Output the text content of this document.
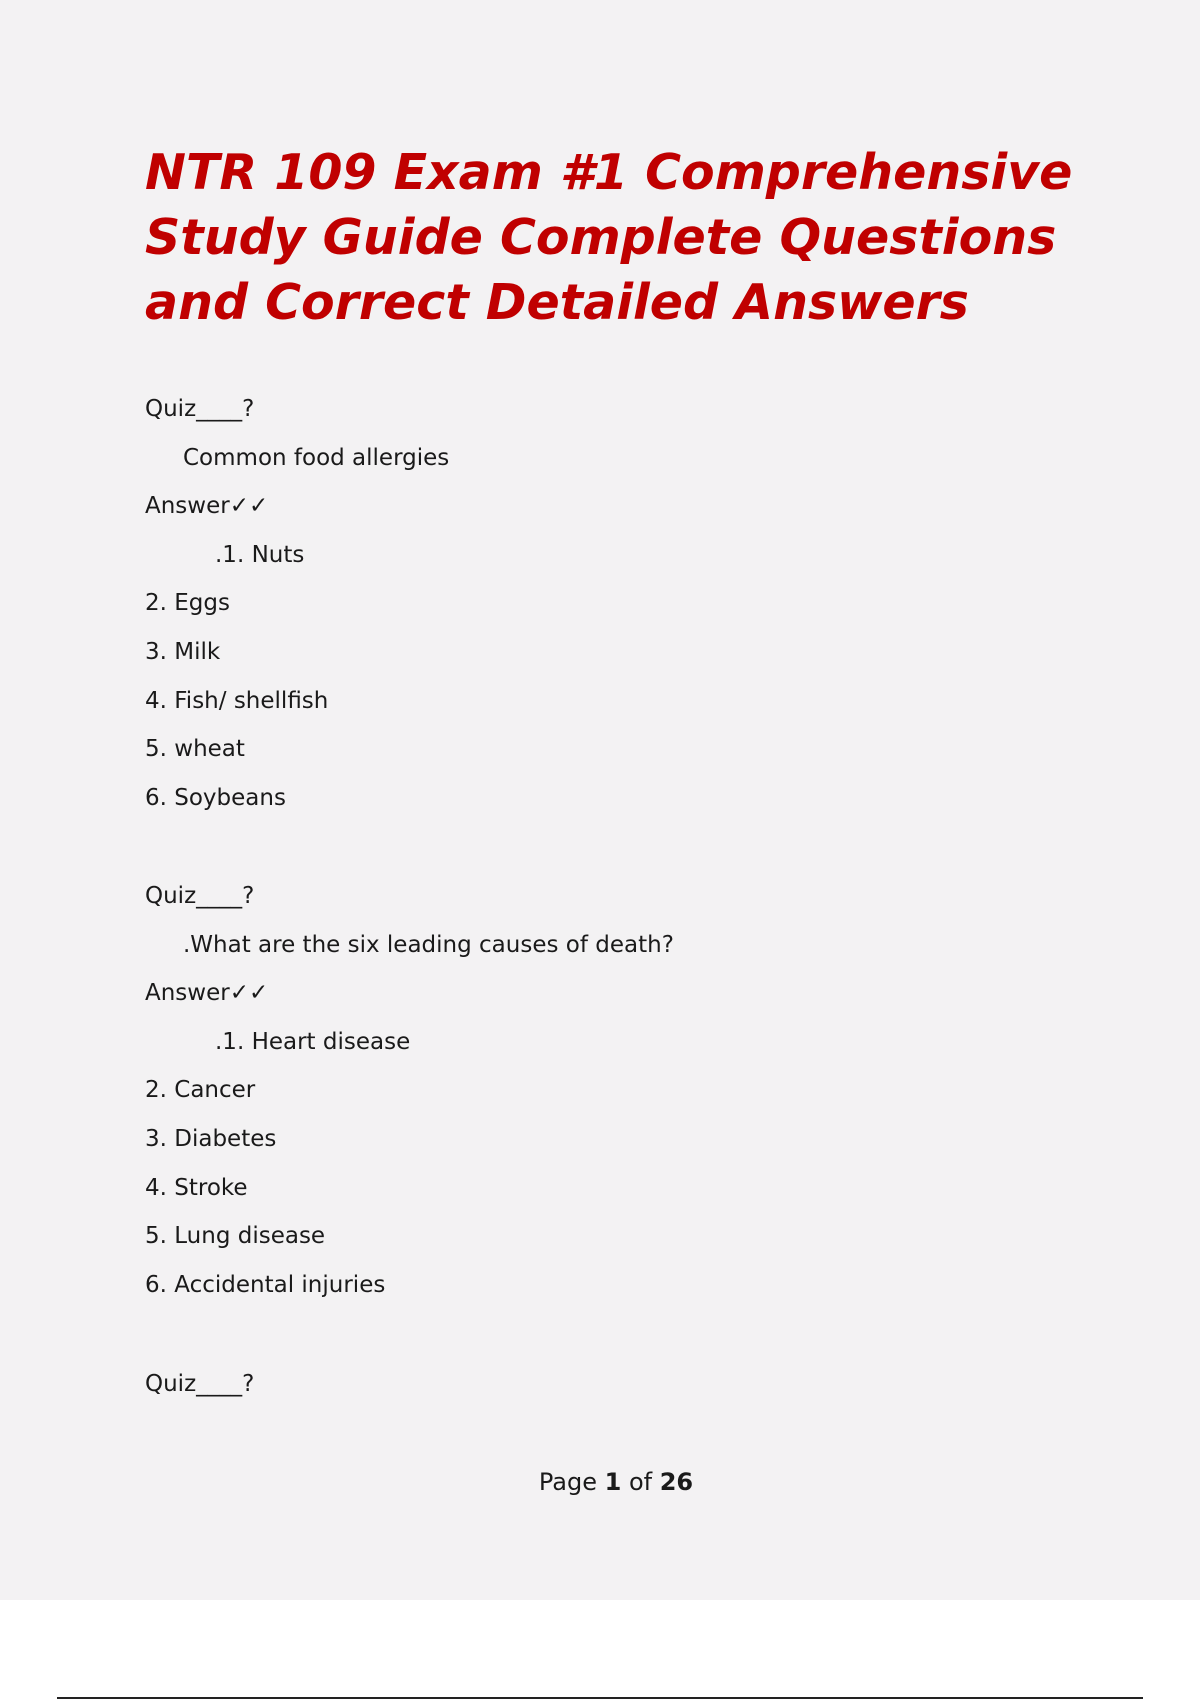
NTR 109 Exam #1 Comprehensive Study Guide Complete Questions and Correct Detailed Answers
Quiz____?
Common food allergies
Answer✓✓
.1. Nuts
2. Eggs
3. Milk
4. Fish/ shellfish
5. wheat
6. Soybeans
Quiz____?
.What are the six leading causes of death?
Answer✓✓
.1. Heart disease
2. Cancer
3. Diabetes
4. Stroke
5. Lung disease
6. Accidental injuries
Quiz____?
Page 1 of 26
